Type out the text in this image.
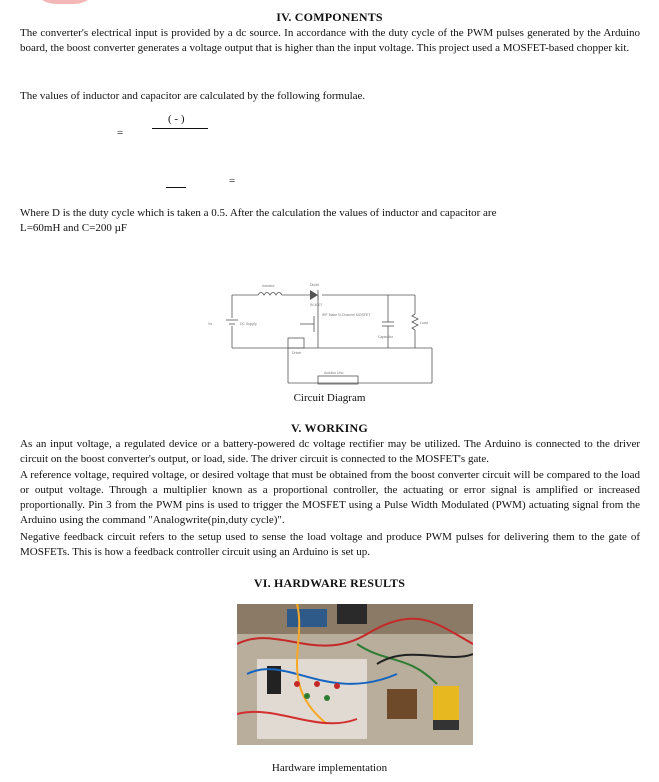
IV. COMPONENTS
The converter's electrical input is provided by a dc source. In accordance with the duty cycle of the PWM pulses generated by the Arduino board, the boost converter generates a voltage output that is higher than the input voltage. This project used a MOSFET-based chopper kit.
The values of inductor and capacitor are calculated by the following formulae.
( - )
=
=
Where D is the duty cycle which is taken a 0.5. After the calculation the values of inductor and capacitor are
L=60mH and C=200 µF
Inductor	Diode
IN 4007
Vs	DC Supply
IRF Make N-Channel MOSFET
Driver
Capacitor
Load
Arduino Uno
Circuit Diagram
V. WORKING
As an input voltage, a regulated device or a battery-powered dc voltage rectifier may be utilized. The Arduino is connected to the driver circuit on the boost converter's output, or load, side. The driver circuit is connected to the MOSFET's gate.
A reference voltage, required voltage, or desired voltage that must be obtained from the boost converter circuit will be compared to the load or output voltage. Through a multiplier known as a proportional controller, the actuating or error signal is amplified or increased proportionally. Pin 3 from the PWM pins is used to trigger the MOSFET using a Pulse Width Modulated (PWM) actuating signal from the Arduino using the command "Analogwrite(pin,duty cycle)".
Negative feedback circuit refers to the setup used to sense the load voltage and produce PWM pulses for delivering them to the gate of MOSFETs. This is how a feedback controller circuit using an Arduino is set up.
VI. HARDWARE RESULTS
Hardware implementation
